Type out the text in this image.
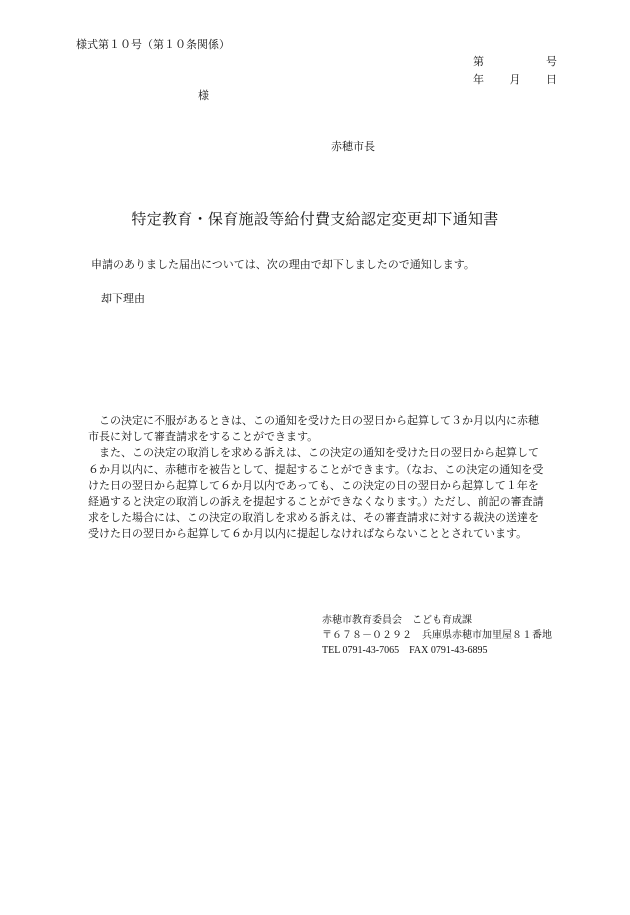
様式第１０号（第１０条関係）
第	号
年 月 日
様
赤穂市長
特定教育・保育施設等給付費支給認定変更却下通知書
申請のありました届出については、次の理由で却下しましたので通知します。
却下理由

　この決定に不服があるときは、この通知を受けた日の翌日から起算して３か月以内に赤穂市長に対して審査請求をすることができます。

　また、この決定の取消しを求める訴えは、この決定の通知を受けた日の翌日から起算して６か月以内に、赤穂市を被告として、提起することができます。（なお、この決定の通知を受けた日の翌日から起算して６か月以内であっても、この決定の日の翌日から起算して１年を経過すると決定の取消しの訴えを提起することができなくなります。）ただし、前記の審査請求をした場合には、この決定の取消しを求める訴えは、その審査請求に対する裁決の送達を受けた日の翌日から起算して６か月以内に提起しなければならないこととされています。

赤穂市教育委員会　こども育成課
〒６７８－０２９２　兵庫県赤穂市加里屋８１番地
TEL 0791-43-7065　FAX 0791-43-6895
